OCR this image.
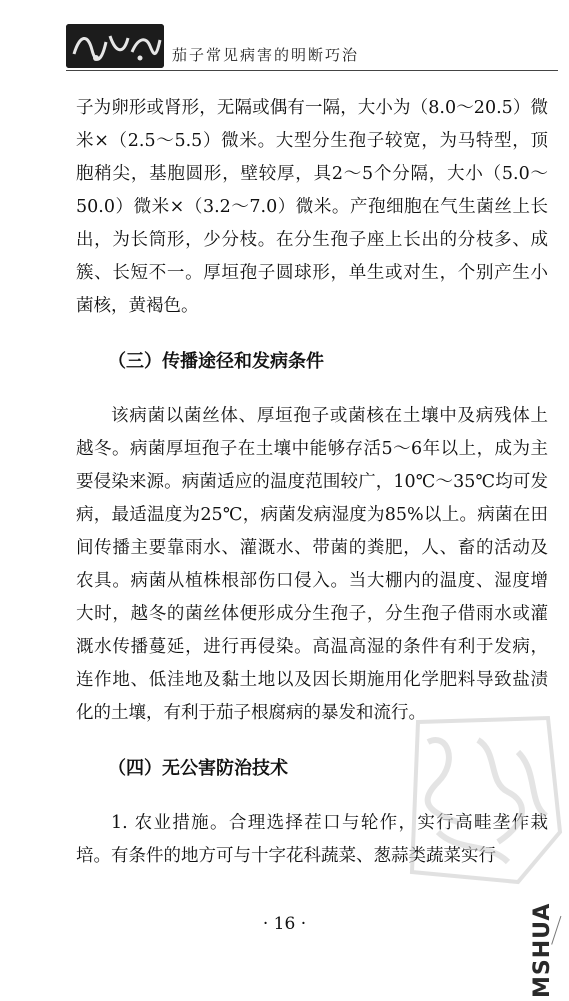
茄子常见病害的明断巧治

子为卵形或肾形，无隔或偶有一隔，大小为（8.0～20.5）微米×（2.5～5.5）微米。大型分生孢子较宽，为马特型，顶胞稍尖，基胞圆形，壁较厚，具2～5个分隔，大小（5.0～50.0）微米×（3.2～7.0）微米。产孢细胞在气生菌丝上长出，为长筒形，少分枝。在分生孢子座上长出的分枝多、成簇、长短不一。厚垣孢子圆球形，单生或对生，个别产生小菌核，黄褐色。

（三）传播途径和发病条件

该病菌以菌丝体、厚垣孢子或菌核在土壤中及病残体上越冬。病菌厚垣孢子在土壤中能够存活5～6年以上，成为主要侵染来源。病菌适应的温度范围较广，10℃～35℃均可发病，最适温度为25℃，病菌发病湿度为85%以上。病菌在田间传播主要靠雨水、灌溉水、带菌的粪肥，人、畜的活动及农具。病菌从植株根部伤口侵入。当大棚内的温度、湿度增大时，越冬的菌丝体便形成分生孢子，分生孢子借雨水或灌溉水传播蔓延，进行再侵染。高温高湿的条件有利于发病，连作地、低洼地及黏土地以及因长期施用化学肥料导致盐渍化的土壤，有利于茄子根腐病的暴发和流行。

（四）无公害防治技术

1. 农业措施。合理选择茬口与轮作，实行高畦垄作栽培。有条件的地方可与十字花科蔬菜、葱蒜类蔬菜实行

· 16 ·	MSHUA
